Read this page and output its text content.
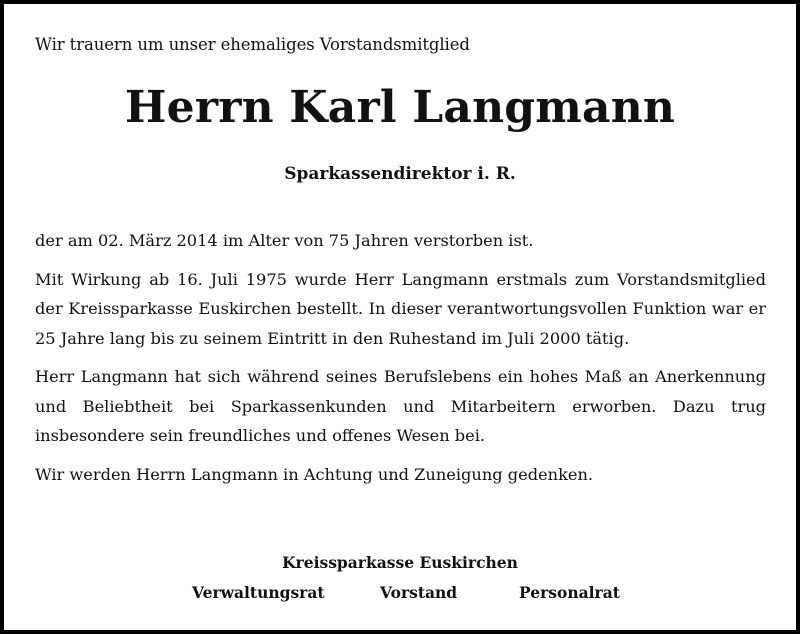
Wir trauern um unser ehemaliges Vorstandsmitglied
Herrn Karl Langmann
Sparkassendirektor i. R.

der am 02. März 2014 im Alter von 75 Jahren verstorben ist.

Mit Wirkung ab 16. Juli 1975 wurde Herr Langmann erstmals zum Vorstandsmitglied der Kreissparkasse Euskirchen bestellt. In dieser verantwortungsvollen Funktion war er 25 Jahre lang bis zu seinem Eintritt in den Ruhestand im Juli 2000 tätig.

Herr Langmann hat sich während seines Berufslebens ein hohes Maß an Anerkennung und Beliebtheit bei Sparkassenkunden und Mitarbeitern erworben. Dazu trug insbesondere sein freundliches und offenes Wesen bei.

Wir werden Herrn Langmann in Achtung und Zuneigung gedenken.

Kreissparkasse Euskirchen
Verwaltungsrat	Vorstand	Personalrat
